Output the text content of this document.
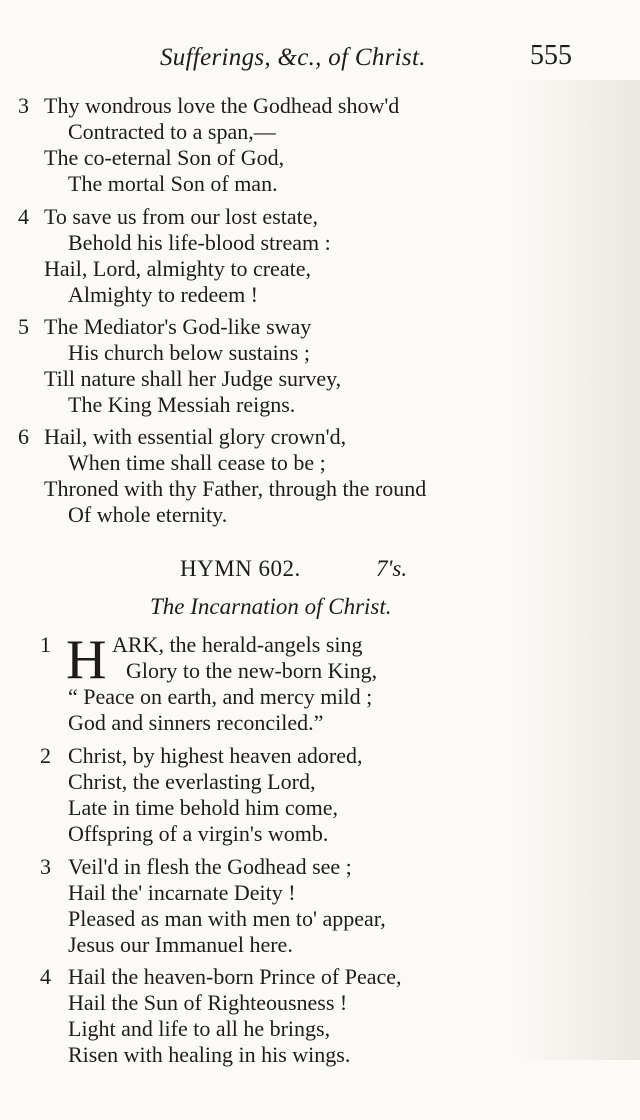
Sufferings, &c., of Christ.	555
3 Thy wondrous love the Godhead show'd
Contracted to a span,—
The co-eternal Son of God,
The mortal Son of man.
4 To save us from our lost estate,
Behold his life-blood stream :
Hail, Lord, almighty to create,
Almighty to redeem !
5 The Mediator's God-like sway
His church below sustains ;
Till nature shall her Judge survey,
The King Messiah reigns.
6 Hail, with essential glory crown'd,
When time shall cease to be ;
Throned with thy Father, through the round
Of whole eternity.
HYMN 602.	7's.
The Incarnation of Christ.
H
1	ARK, the herald-angels sing
Glory to the new-born King,
“ Peace on earth, and mercy mild ;
God and sinners reconciled.”
2 Christ, by highest heaven adored,
Christ, the everlasting Lord,
Late in time behold him come,
Offspring of a virgin's womb.
3 Veil'd in flesh the Godhead see ;
Hail the' incarnate Deity !
Pleased as man with men to' appear,
Jesus our Immanuel here.
4 Hail the heaven-born Prince of Peace,
Hail the Sun of Righteousness !
Light and life to all he brings,
Risen with healing in his wings.
